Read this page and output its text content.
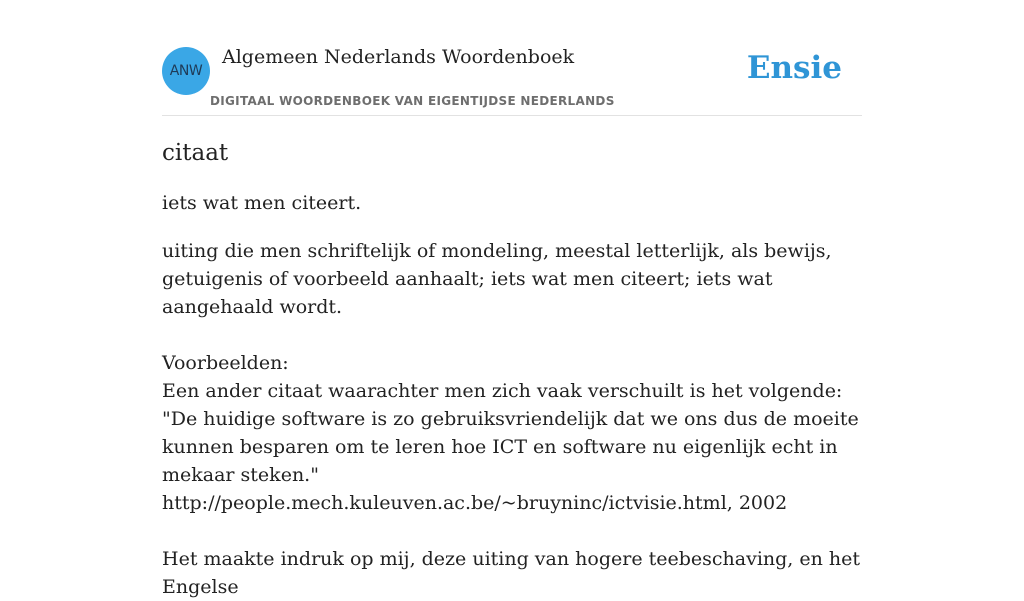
ANW
Algemeen Nederlands Woordenboek
DIGITAAL WOORDENBOEK VAN EIGENTIJDSE NEDERLANDS
Ensie
citaat

iets wat men citeert.

uiting die men schriftelijk of mondeling, meestal letterlijk, als bewijs, getuigenis of voorbeeld aanhaalt; iets wat men citeert; iets wat aangehaald wordt.

Voorbeelden:
Een ander citaat waarachter men zich vaak verschuilt is het volgende: "De huidige software is zo gebruiksvriendelijk dat we ons dus de moeite kunnen besparen om te leren hoe ICT en software nu eigenlijk echt in mekaar steken."
http://people.mech.kuleuven.ac.be/~bruyninc/ictvisie.html, 2002
Het maakte indruk op mij, deze uiting van hogere teebeschaving, en het Engelse
